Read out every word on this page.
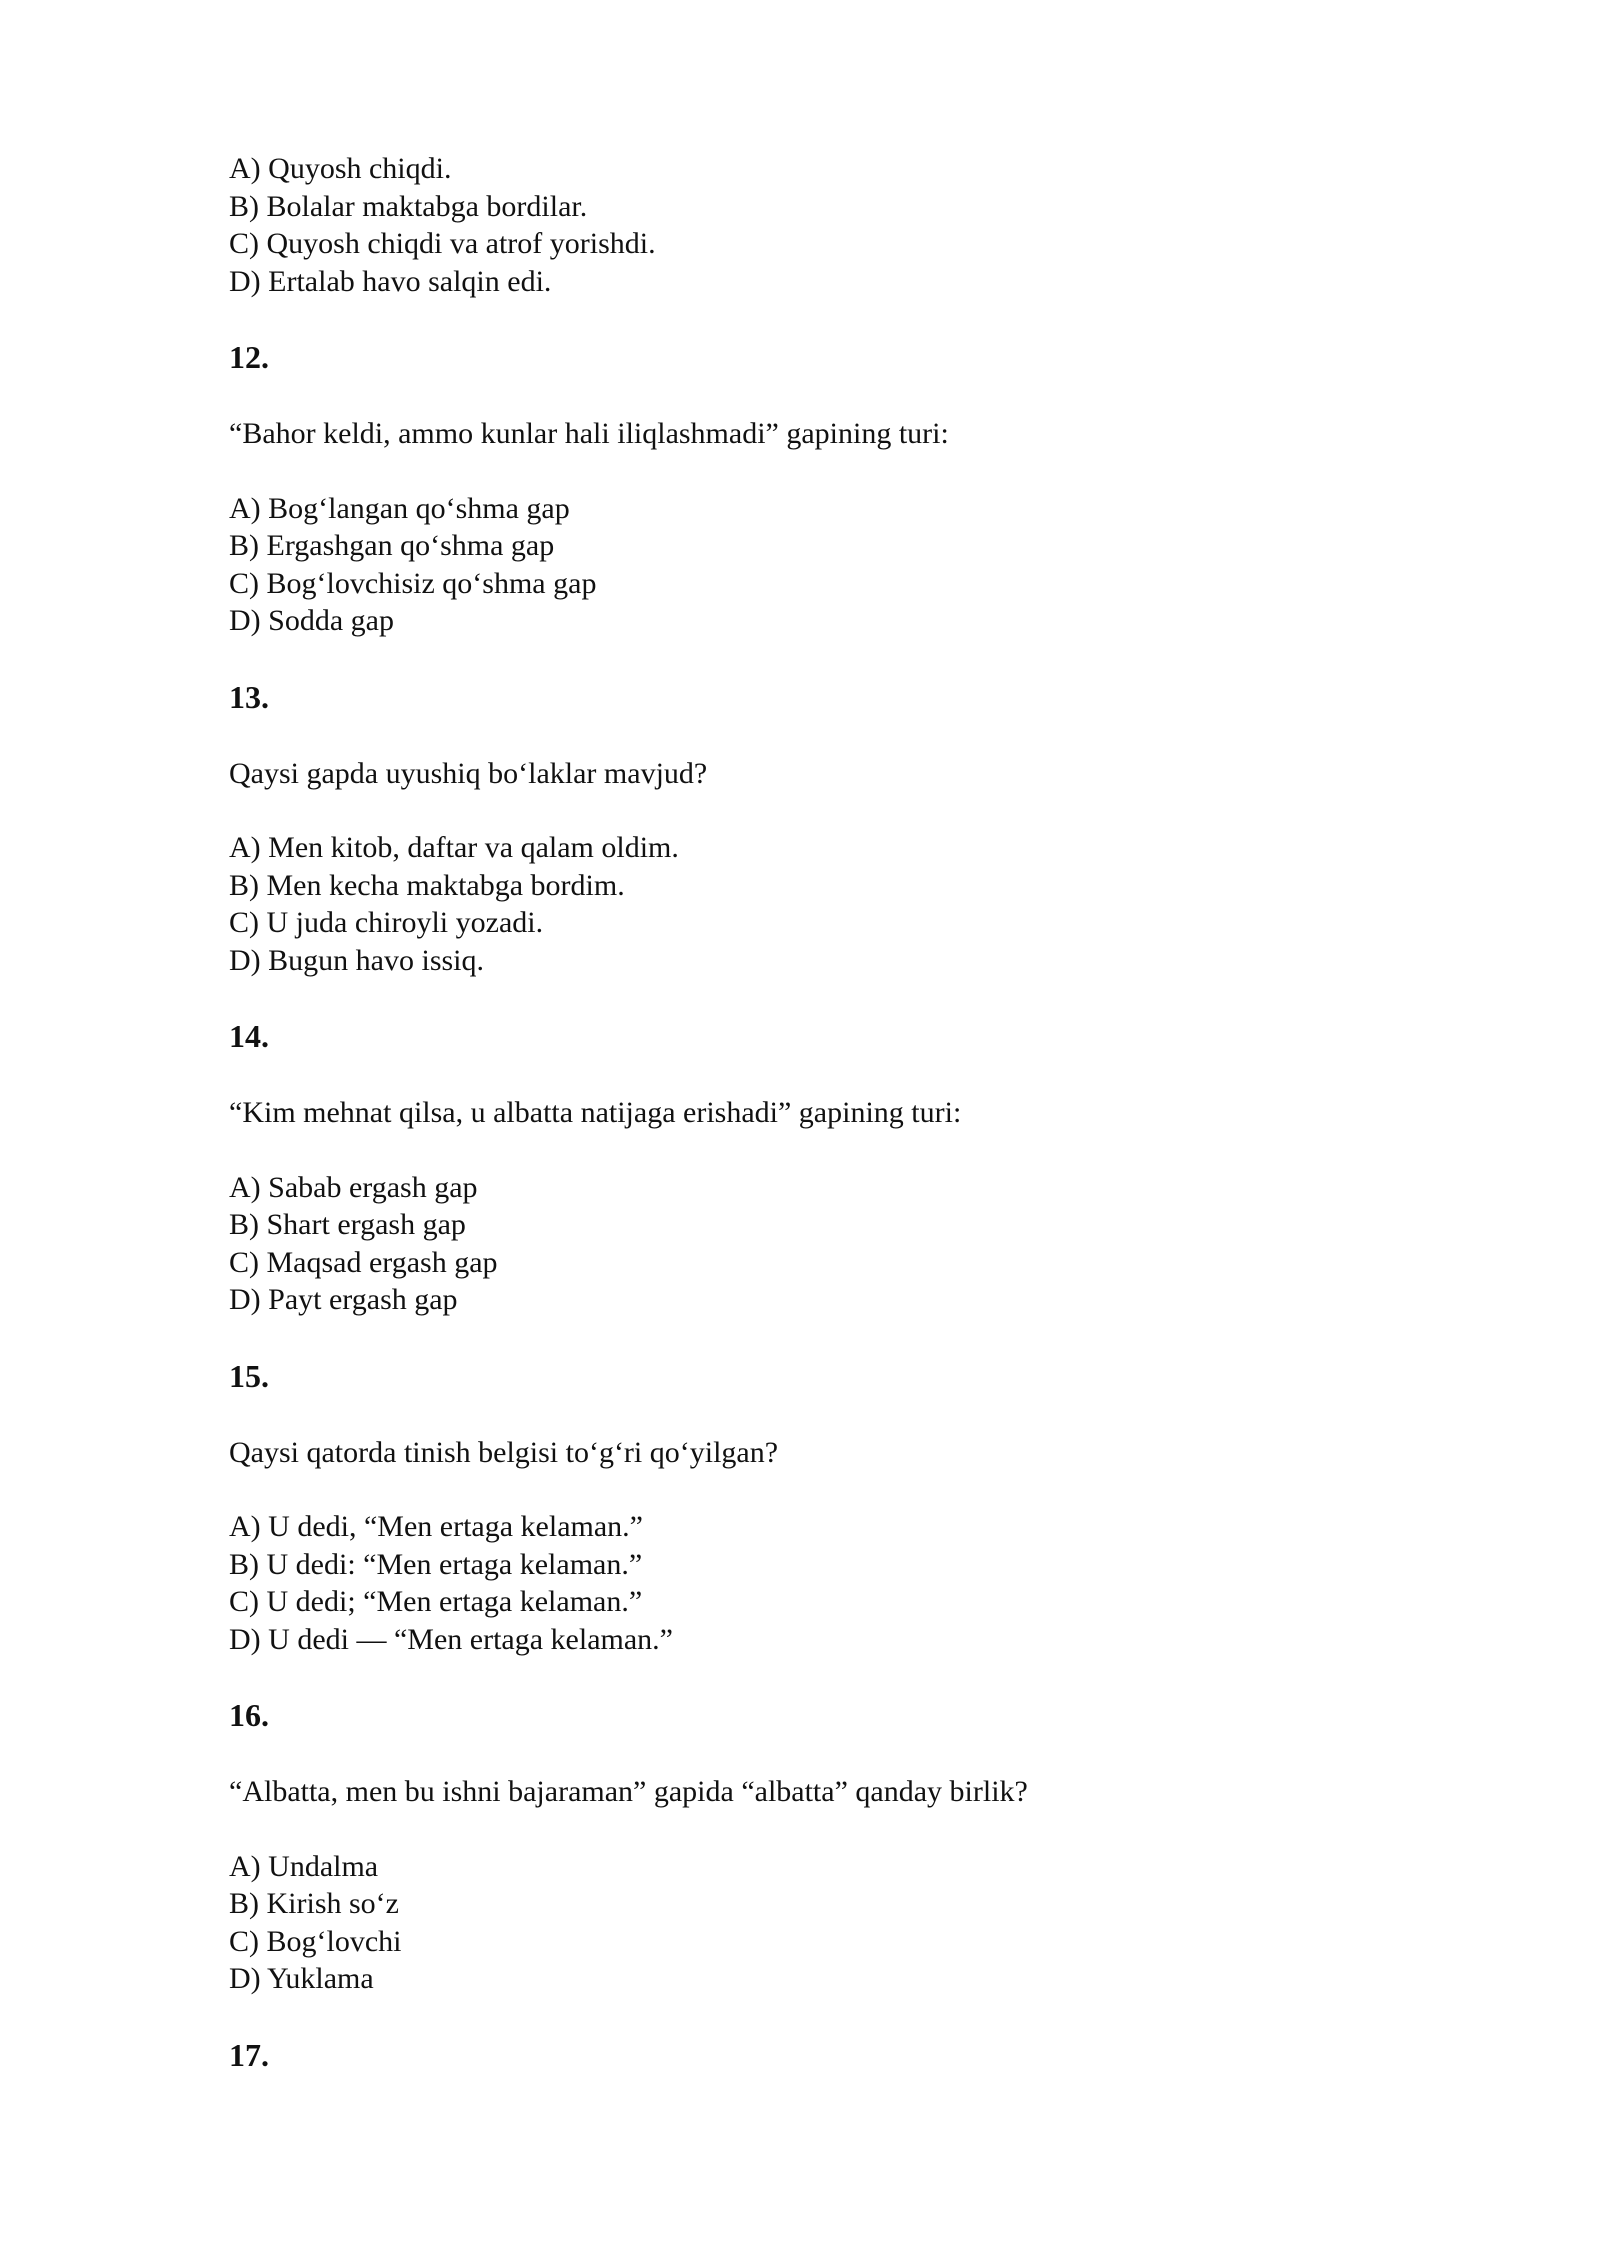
A) Quyosh chiqdi.
B) Bolalar maktabga bordilar.
C) Quyosh chiqdi va atrof yorishdi.
D) Ertalab havo salqin edi.
12.
“Bahor keldi, ammo kunlar hali iliqlashmadi” gapining turi:
A) Bog‘langan qo‘shma gap
B) Ergashgan qo‘shma gap
C) Bog‘lovchisiz qo‘shma gap
D) Sodda gap
13.
Qaysi gapda uyushiq bo‘laklar mavjud?
A) Men kitob, daftar va qalam oldim.
B) Men kecha maktabga bordim.
C) U juda chiroyli yozadi.
D) Bugun havo issiq.
14.
“Kim mehnat qilsa, u albatta natijaga erishadi” gapining turi:
A) Sabab ergash gap
B) Shart ergash gap
C) Maqsad ergash gap
D) Payt ergash gap
15.
Qaysi qatorda tinish belgisi to‘g‘ri qo‘yilgan?
A) U dedi, “Men ertaga kelaman.”
B) U dedi: “Men ertaga kelaman.”
C) U dedi; “Men ertaga kelaman.”
D) U dedi — “Men ertaga kelaman.”
16.
“Albatta, men bu ishni bajaraman” gapida “albatta” qanday birlik?
A) Undalma
B) Kirish so‘z
C) Bog‘lovchi
D) Yuklama
17.
